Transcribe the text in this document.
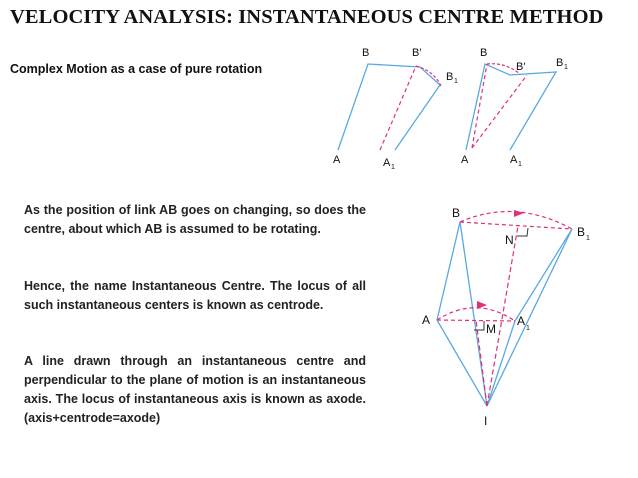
VELOCITY ANALYSIS: INSTANTANEOUS CENTRE METHOD
Complex Motion as a case of pure rotation

As the position of link AB goes on changing, so does the centre, about which AB is assumed to be rotating.

Hence, the name Instantaneous Centre. The locus of all such instantaneous centers is known as centrode.

A line drawn through an instantaneous centre and perpendicular to the plane of motion is an instantaneous axis. The locus of instantaneous axis is known as axode. (axis+centrode=axode)

B	B′
B 1
A	A 1
B
B′	B 1
A	A 1
B
N
B 1
A
M
A
1
I
